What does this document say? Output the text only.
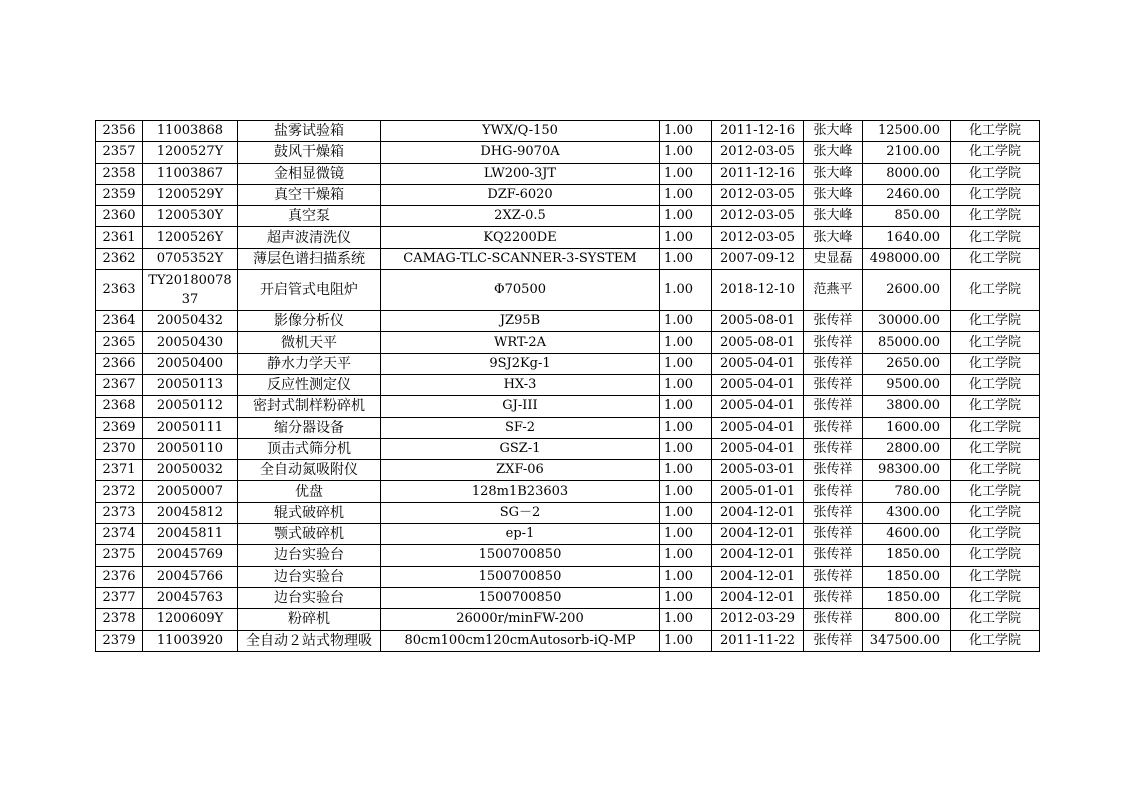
2356	11003868	盐雾试验箱	YWX/Q-150	1.00	2011-12-16	张大峰	12500.00	化工学院
2357	1200527Y	鼓风干燥箱	DHG-9070A	1.00	2012-03-05	张大峰	2100.00	化工学院
2358	11003867	金相显微镜	LW200-3JT	1.00	2011-12-16	张大峰	8000.00	化工学院
2359	1200529Y	真空干燥箱	DZF-6020	1.00	2012-03-05	张大峰	2460.00	化工学院
2360	1200530Y	真空泵	2XZ-0.5	1.00	2012-03-05	张大峰	850.00	化工学院
2361	1200526Y	超声波清洗仪	KQ2200DE	1.00	2012-03-05	张大峰	1640.00	化工学院
2362	0705352Y	薄层色谱扫描系统	CAMAG-TLC-SCANNER-3-SYSTEM	1.00	2007-09-12	史显磊	498000.00	化工学院
2363	TY2018007837	开启管式电阻炉	Φ70500	1.00	2018-12-10	范燕平	2600.00	化工学院
2364	20050432	影像分析仪	JZ95B	1.00	2005-08-01	张传祥	30000.00	化工学院
2365	20050430	微机天平	WRT-2A	1.00	2005-08-01	张传祥	85000.00	化工学院
2366	20050400	静水力学天平	9SJ2Kg-1	1.00	2005-04-01	张传祥	2650.00	化工学院
2367	20050113	反应性测定仪	HX-3	1.00	2005-04-01	张传祥	9500.00	化工学院
2368	20050112	密封式制样粉碎机	GJ-III	1.00	2005-04-01	张传祥	3800.00	化工学院
2369	20050111	缩分器设备	SF-2	1.00	2005-04-01	张传祥	1600.00	化工学院
2370	20050110	顶击式筛分机	GSZ-1	1.00	2005-04-01	张传祥	2800.00	化工学院
2371	20050032	全自动氮吸附仪	ZXF-06	1.00	2005-03-01	张传祥	98300.00	化工学院
2372	20050007	优盘	128m1B23603	1.00	2005-01-01	张传祥	780.00	化工学院
2373	20045812	辊式破碎机	SG－2	1.00	2004-12-01	张传祥	4300.00	化工学院
2374	20045811	颚式破碎机	ep-1	1.00	2004-12-01	张传祥	4600.00	化工学院
2375	20045769	边台实验台	1500700850	1.00	2004-12-01	张传祥	1850.00	化工学院
2376	20045766	边台实验台	1500700850	1.00	2004-12-01	张传祥	1850.00	化工学院
2377	20045763	边台实验台	1500700850	1.00	2004-12-01	张传祥	1850.00	化工学院
2378	1200609Y	粉碎机	26000r/minFW-200	1.00	2012-03-29	张传祥	800.00	化工学院
2379	11003920	全自动２站式物理吸	80cm100cm120cmAutosorb-iQ-MP	1.00	2011-11-22	张传祥	347500.00	化工学院
